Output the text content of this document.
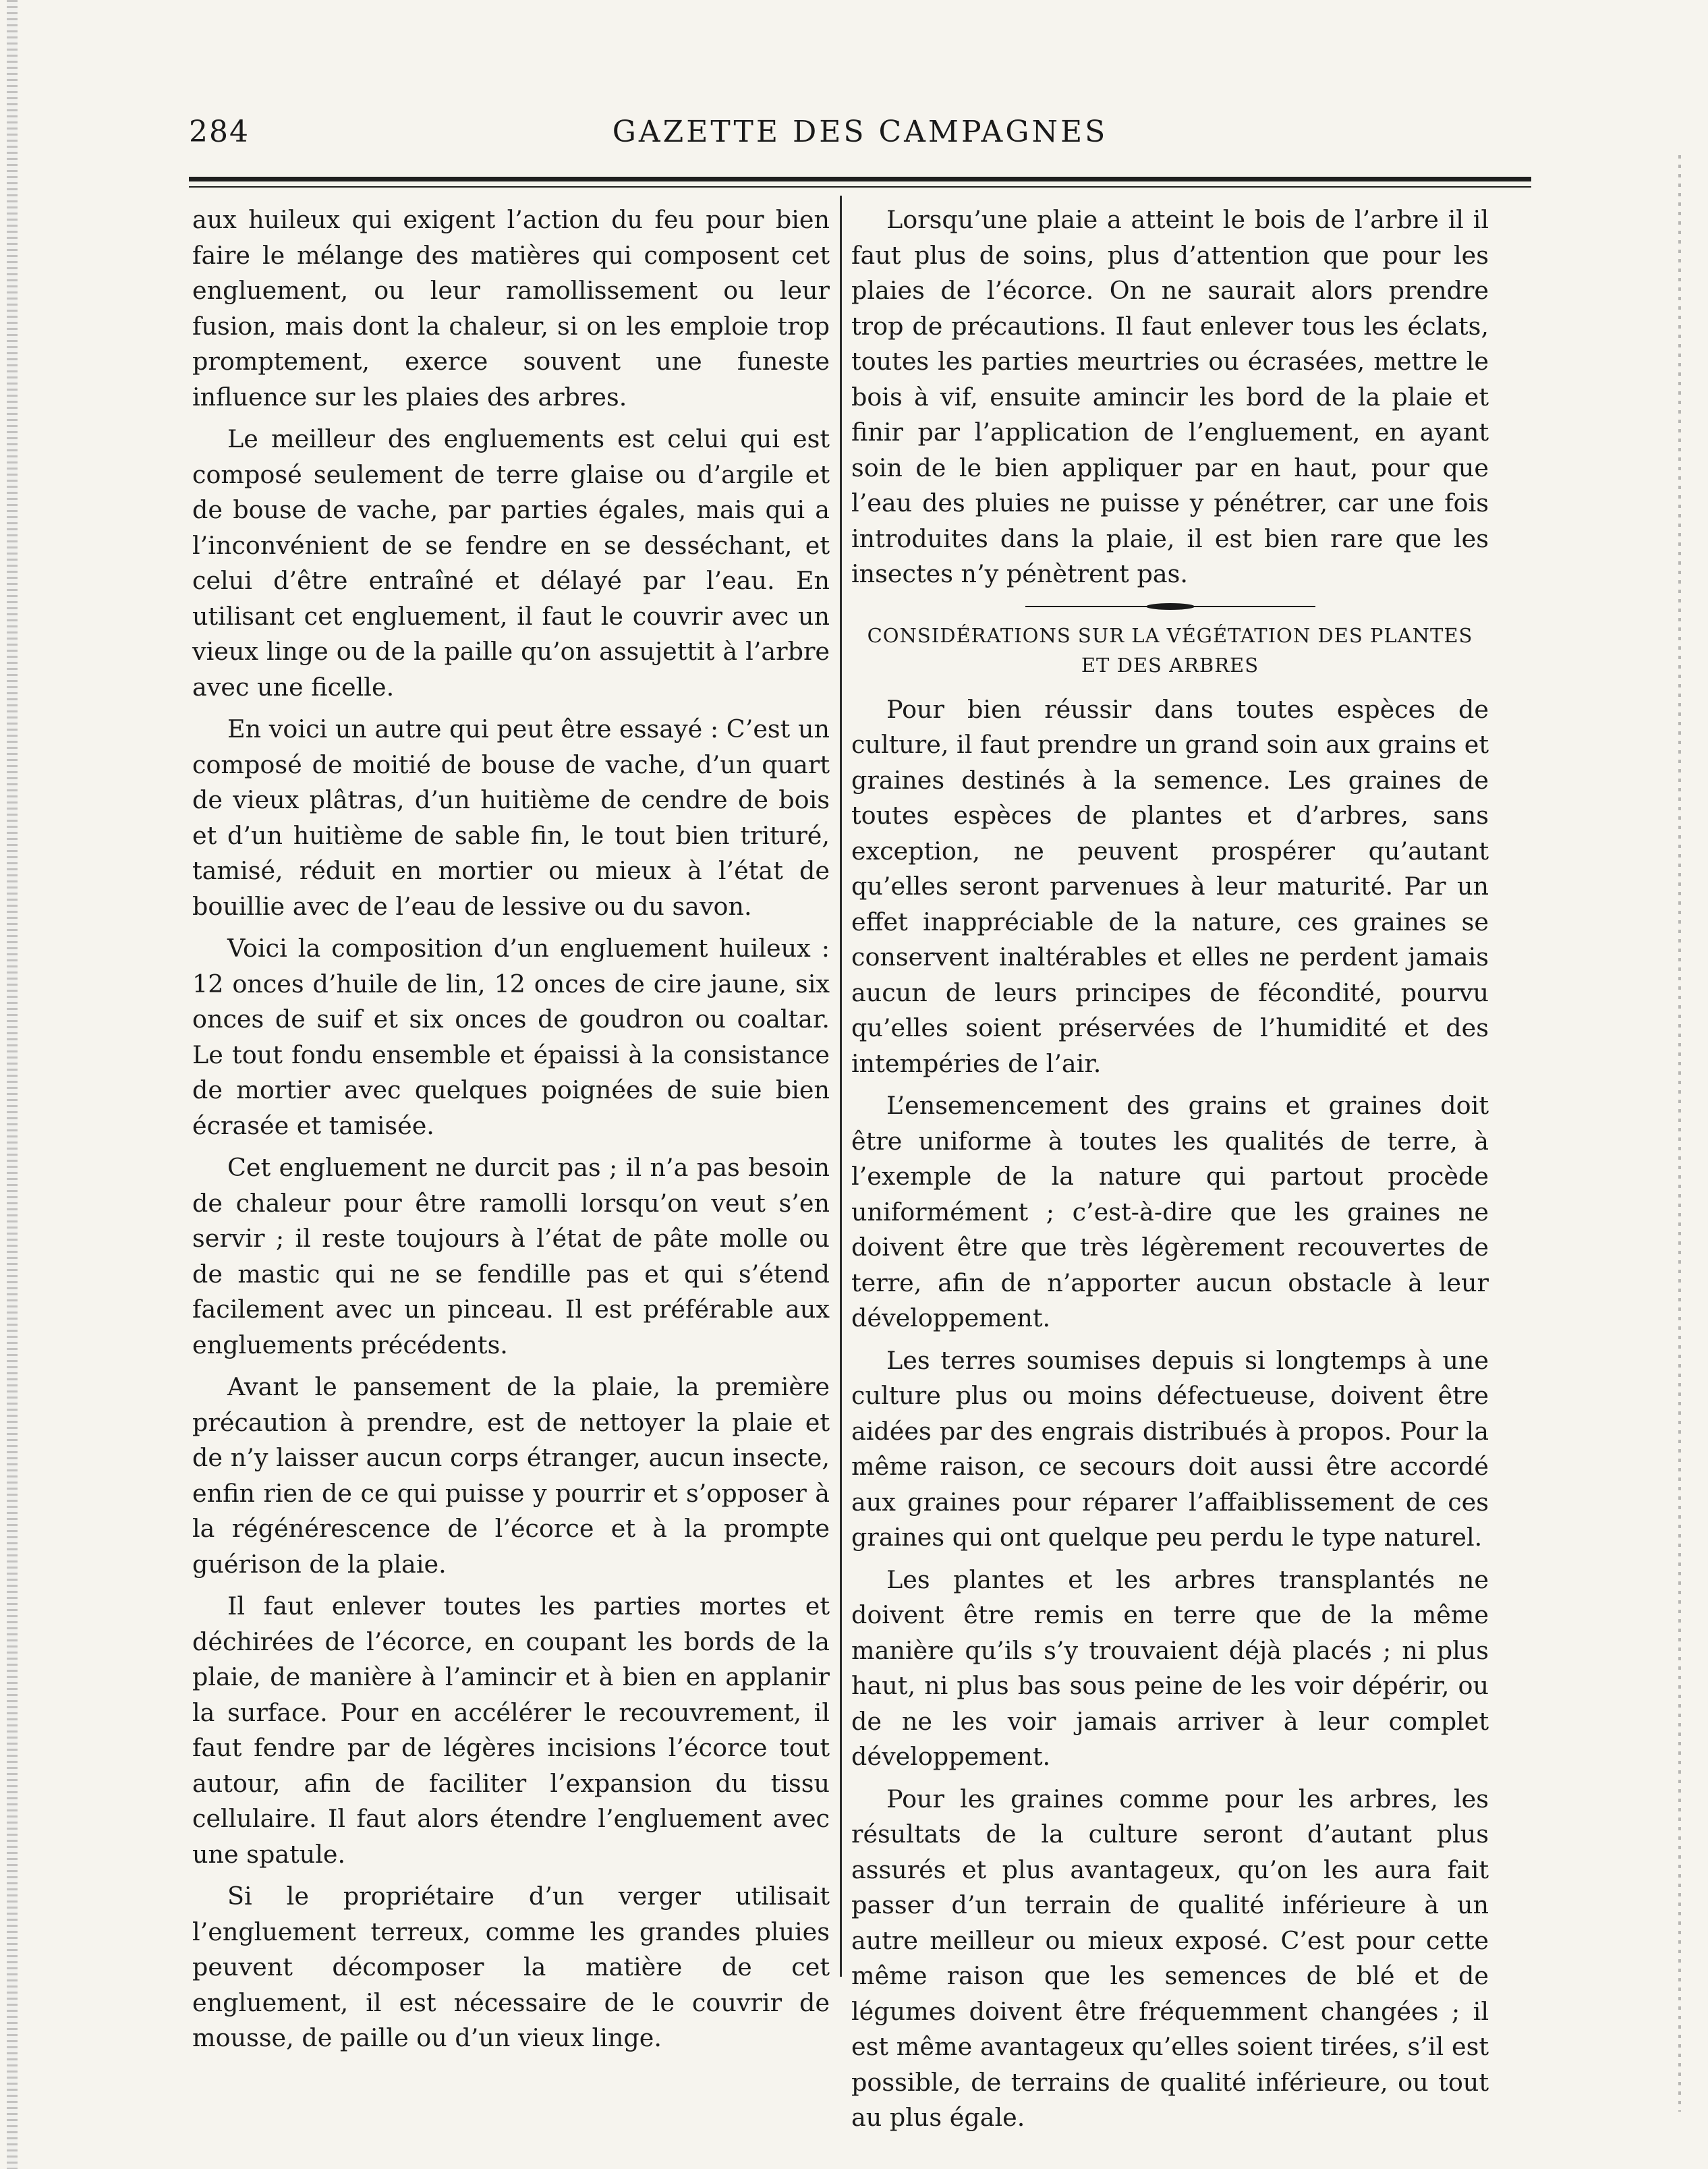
284	GAZETTE DES CAMPAGNES

aux huileux qui exigent l’action du feu pour bien faire le mélange des matières qui composent cet engluement, ou leur ramollissement ou leur fusion, mais dont la chaleur, si on les emploie trop promptement, exerce souvent une funeste influence sur les plaies des arbres.

Le meilleur des engluements est celui qui est composé seulement de terre glaise ou d’argile et de bouse de vache, par parties égales, mais qui a l’inconvénient de se fendre en se desséchant, et celui d’être entraîné et délayé par l’eau. En utilisant cet engluement, il faut le couvrir avec un vieux linge ou de la paille qu’on assujettit à l’arbre avec une ficelle.

En voici un autre qui peut être essayé : C’est un composé de moitié de bouse de vache, d’un quart de vieux plâtras, d’un huitième de cendre de bois et d’un huitième de sable fin, le tout bien trituré, tamisé, réduit en mortier ou mieux à l’état de bouillie avec de l’eau de lessive ou du savon.

Voici la composition d’un engluement huileux : 12 onces d’huile de lin, 12 onces de cire jaune, six onces de suif et six onces de goudron ou coaltar. Le tout fondu ensemble et épaissi à la consistance de mortier avec quelques poignées de suie bien écrasée et tamisée.

Cet engluement ne durcit pas ; il n’a pas besoin de chaleur pour être ramolli lorsqu’on veut s’en servir ; il reste toujours à l’état de pâte molle ou de mastic qui ne se fendille pas et qui s’étend facilement avec un pinceau. Il est préférable aux engluements précédents.

Avant le pansement de la plaie, la première précaution à prendre, est de nettoyer la plaie et de n’y laisser aucun corps étranger, aucun insecte, enfin rien de ce qui puisse y pourrir et s’opposer à la régénérescence de l’écorce et à la prompte guérison de la plaie.

Il faut enlever toutes les parties mortes et déchirées de l’écorce, en coupant les bords de la plaie, de manière à l’amincir et à bien en applanir la surface. Pour en accélérer le recouvrement, il faut fendre par de légères incisions l’écorce tout autour, afin de faciliter l’expansion du tissu cellulaire. Il faut alors étendre l’engluement avec une spatule.

Si le propriétaire d’un verger utilisait l’engluement terreux, comme les grandes pluies peuvent décomposer la matière de cet engluement, il est nécessaire de le couvrir de mousse, de paille ou d’un vieux linge.

Lorsqu’une plaie a atteint le bois de l’arbre il il faut plus de soins, plus d’attention que pour les plaies de l’écorce. On ne saurait alors prendre trop de précautions. Il faut enlever tous les éclats, toutes les parties meurtries ou écrasées, mettre le bois à vif, ensuite amincir les bord de la plaie et finir par l’application de l’engluement, en ayant soin de le bien appliquer par en haut, pour que l’eau des pluies ne puisse y pénétrer, car une fois introduites dans la plaie, il est bien rare que les insectes n’y pénètrent pas.

CONSIDÉRATIONS SUR LA VÉGÉTATION DES PLANTES
ET DES ARBRES

Pour bien réussir dans toutes espèces de culture, il faut prendre un grand soin aux grains et graines destinés à la semence. Les graines de toutes espèces de plantes et d’arbres, sans exception, ne peuvent prospérer qu’autant qu’elles seront parvenues à leur maturité. Par un effet inappréciable de la nature, ces graines se conservent inaltérables et elles ne perdent jamais aucun de leurs principes de fécondité, pourvu qu’elles soient préservées de l’humidité et des intempéries de l’air.

L’ensemencement des grains et graines doit être uniforme à toutes les qualités de terre, à l’exemple de la nature qui partout procède uniformément ; c’est-à-dire que les graines ne doivent être que très légèrement recouvertes de terre, afin de n’apporter aucun obstacle à leur développement.

Les terres soumises depuis si longtemps à une culture plus ou moins défectueuse, doivent être aidées par des engrais distribués à propos. Pour la même raison, ce secours doit aussi être accordé aux graines pour réparer l’affaiblissement de ces graines qui ont quelque peu perdu le type naturel.

Les plantes et les arbres transplantés ne doivent être remis en terre que de la même manière qu’ils s’y trouvaient déjà placés ; ni plus haut, ni plus bas sous peine de les voir dépérir, ou de ne les voir jamais arriver à leur complet développement.

Pour les graines comme pour les arbres, les résultats de la culture seront d’autant plus assurés et plus avantageux, qu’on les aura fait passer d’un terrain de qualité inférieure à un autre meilleur ou mieux exposé. C’est pour cette même raison que les semences de blé et de légumes doivent être fréquemment changées ; il est même avantageux qu’elles soient tirées, s’il est possible, de terrains de qualité inférieure, ou tout au plus égale.
